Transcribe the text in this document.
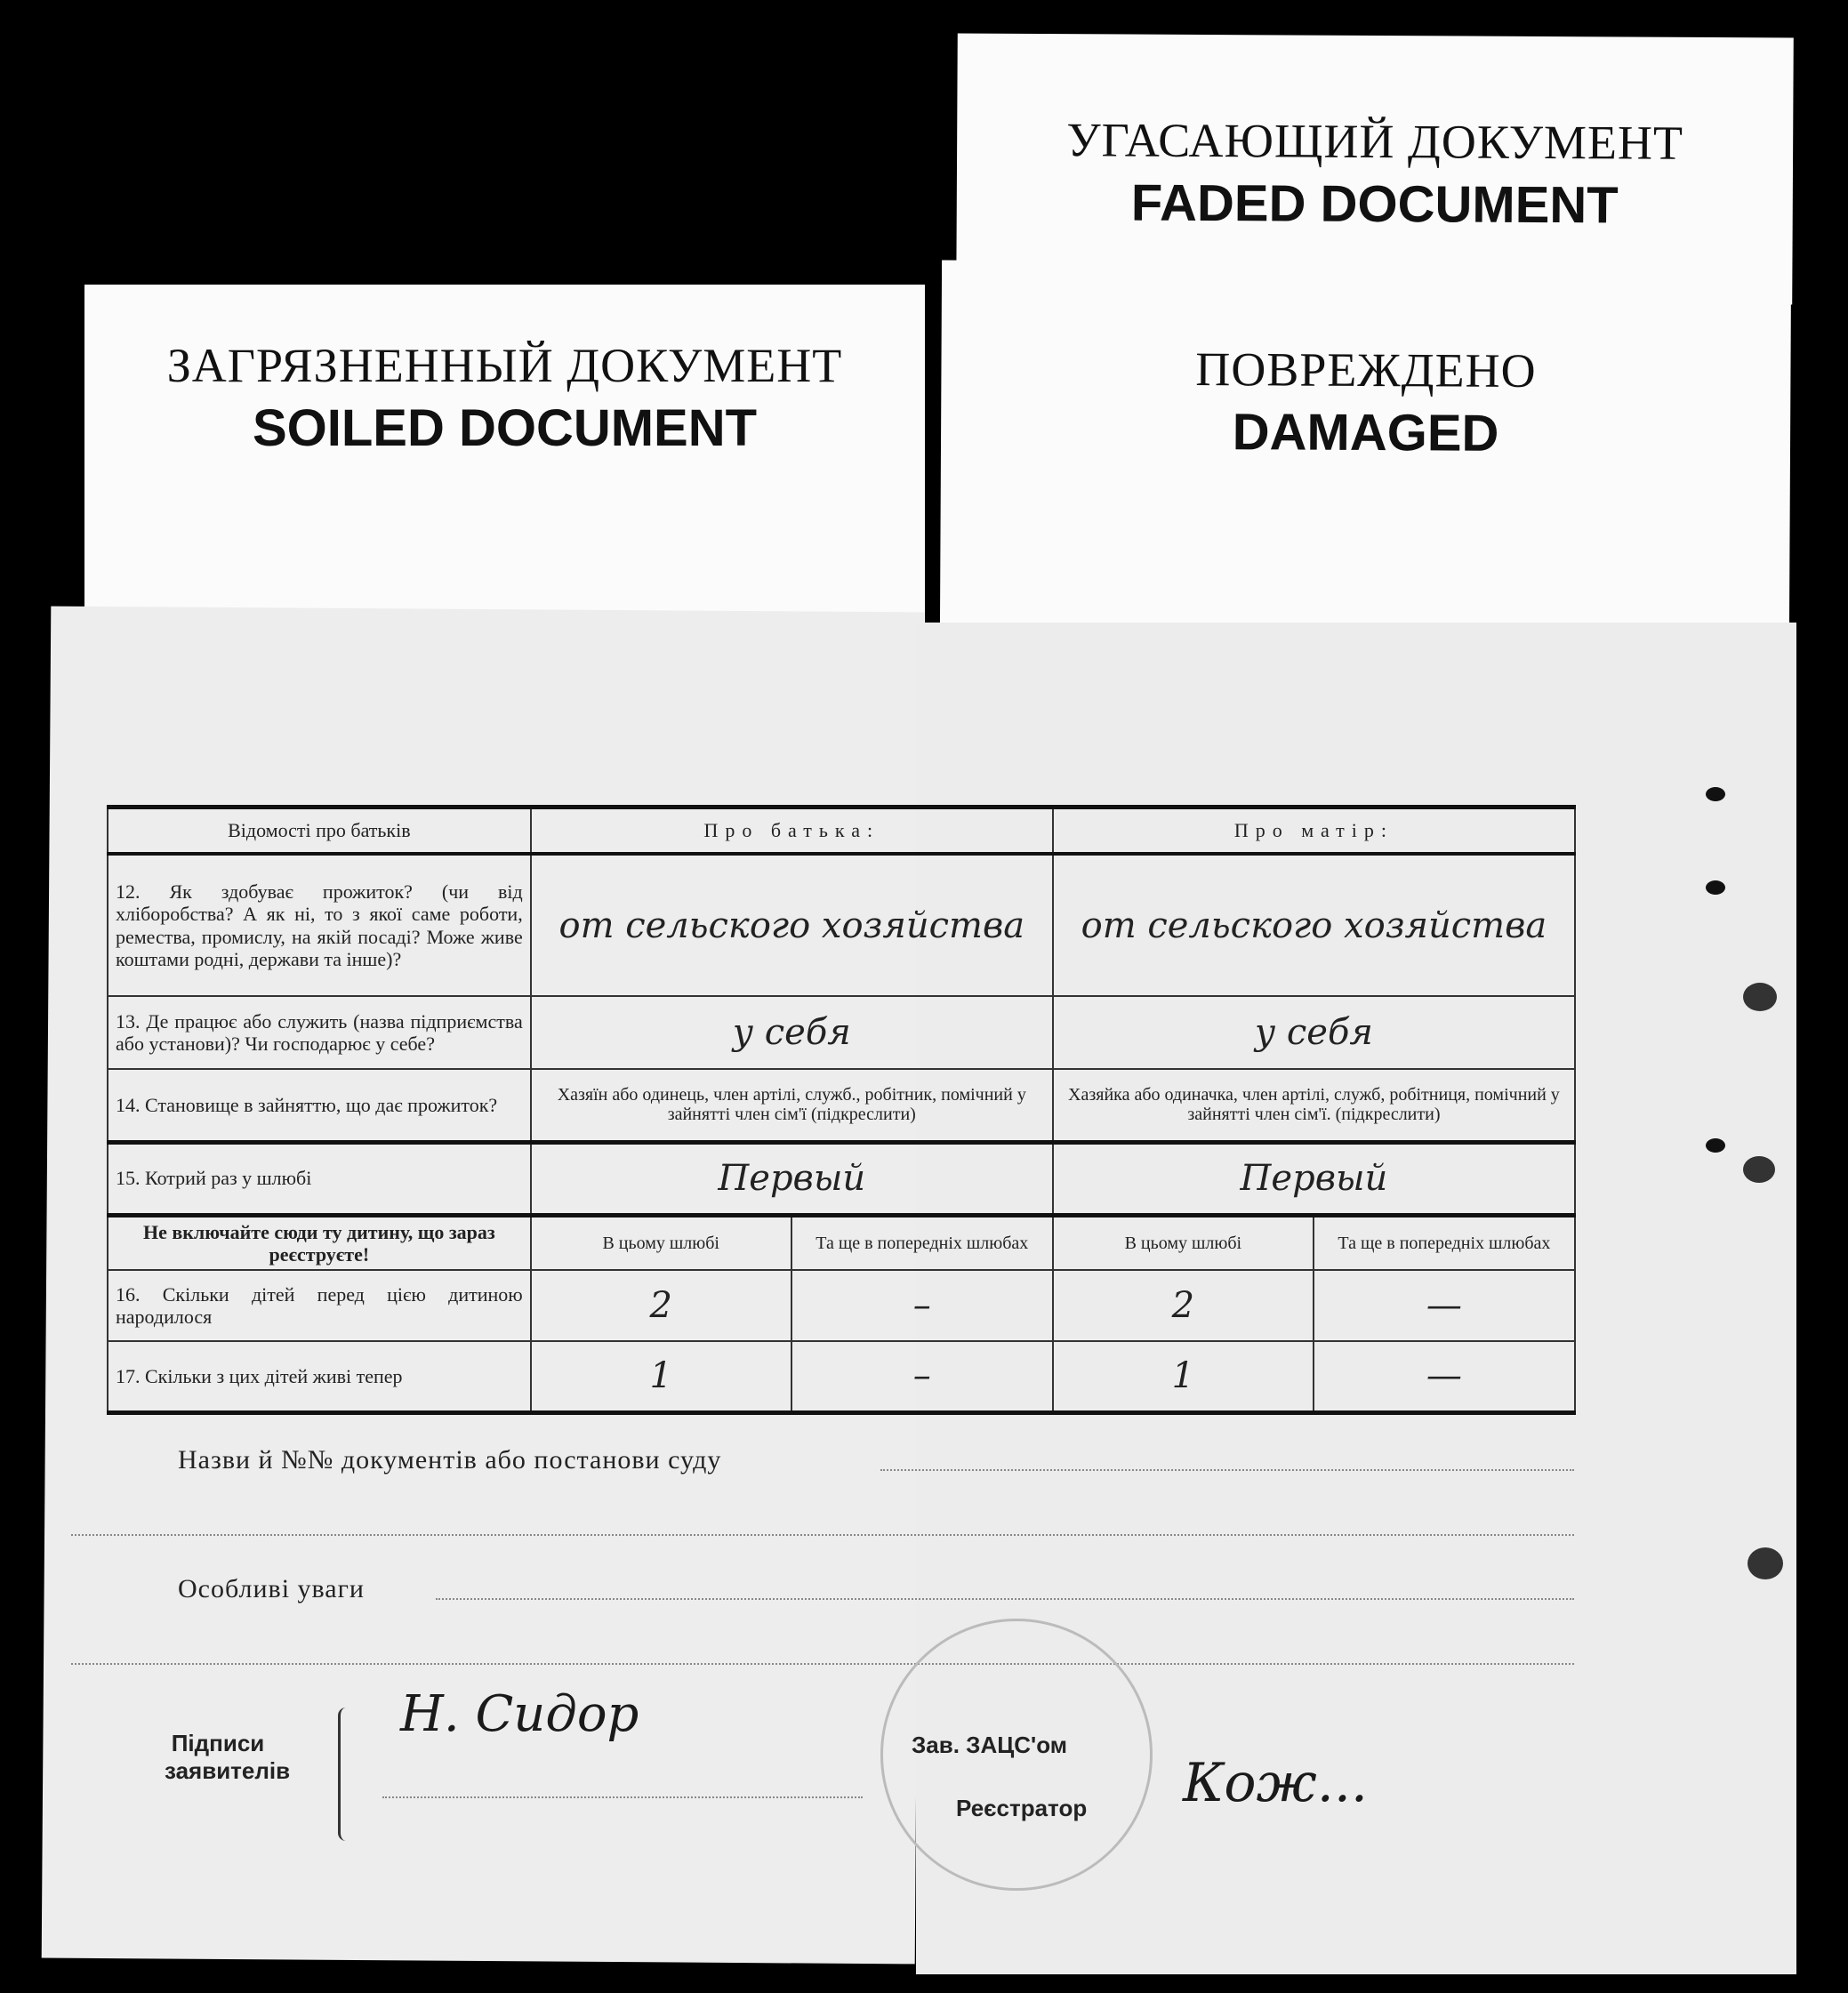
УГАСАЮЩИЙ ДОКУМЕНТ
FADED DOCUMENT
ЗАГРЯЗНЕННЫЙ ДОКУМЕНТ
SOILED DOCUMENT
ПОВРЕЖДЕНО
DAMAGED
Відомості про батьків	Про батька:		Про матір:	
12. Як здобуває прожиток? (чи від хліборобства? А як ні, то з якої саме роботи, ремества, промислу, на якій посаді? Може живе коштами родні, держави та інше)?	от сельского хозяйства		от сельского хозяйства	
13. Де працює або служить (назва підприємства або установи)? Чи господарює у себе?	у себя		у себя	
14. Становище в зайняттю, що дає прожиток?	Хазяїн або одинець, член артілі, служб., робітник, помічний у зайнятті член сім'ї (підкреслити)		Хазяйка або одиначка, член артілі, служб, робітниця, помічний у зайнятті член сім'ї. (підкреслити)	
15. Котрий раз у шлюбі	Первый		Первый	
Не включайте сюди ту дитину, що зараз реєструєте!	В цьому шлюбі	Та ще в попередніх шлюбах	В цьому шлюбі	Та ще в попередніх шлюбах
16. Скільки дітей перед цією дитиною народилося	2	–	2	—
17. Скільки з цих дітей живі тепер	1	–	1	—
Назви й №№ документів або постанови суду
Особливі уваги
Підписи заявителів
Н. Сидор
Зав. ЗАЦС'ом
Реєстратор Кож...
